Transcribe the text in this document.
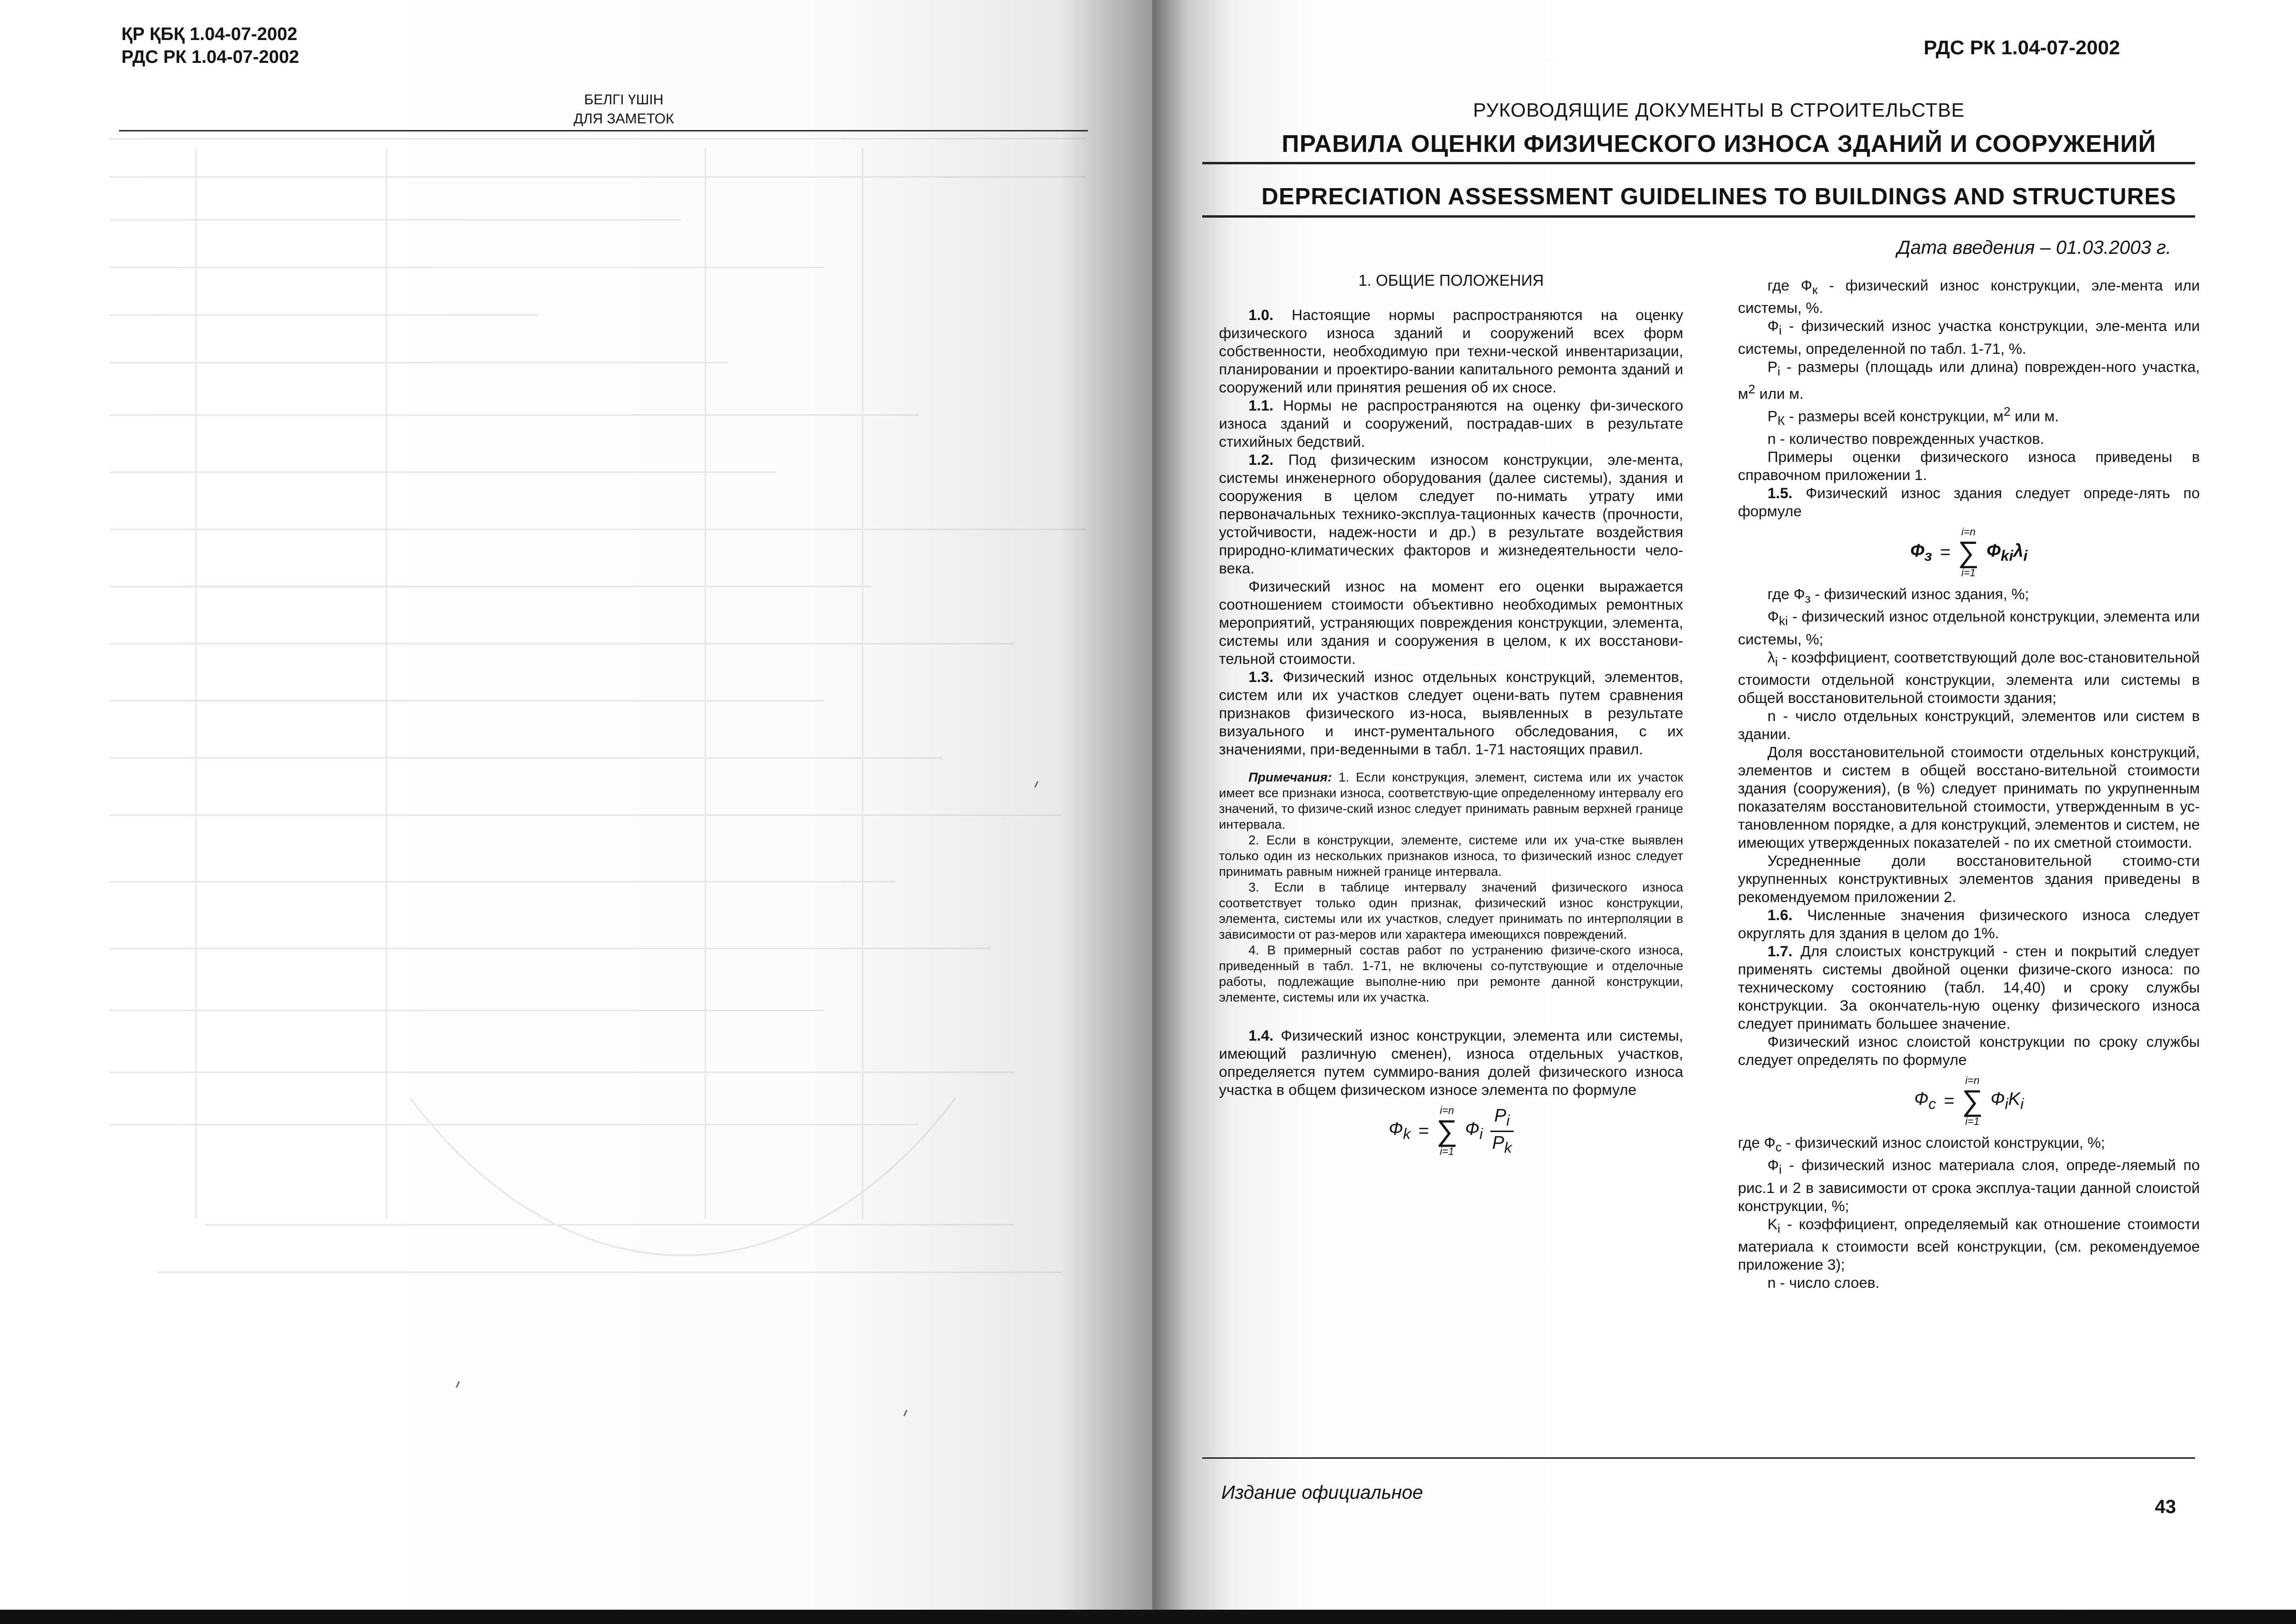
ҚР ҚБҚ 1.04-07-2002
РДС РК 1.04-07-2002
БЕЛГІ ҮШІН
ДЛЯ ЗАМЕТОК
РДС РК 1.04-07-2002
РУКОВОДЯЩИЕ ДОКУМЕНТЫ В СТРОИТЕЛЬСТВЕ
ПРАВИЛА ОЦЕНКИ ФИЗИЧЕСКОГО ИЗНОСА ЗДАНИЙ И СООРУЖЕНИЙ
DEPRECIATION ASSESSMENT GUIDELINES TO BUILDINGS AND STRUCTURES
Дата введения – 01.03.2003 г.

1. ОБЩИЕ ПОЛОЖЕНИЯ

1.0. Настоящие нормы распространяются на оценку физического износа зданий и сооружений всех форм собственности, необходимую при техни-ческой инвентаризации, планировании и проектиро-вании капитального ремонта зданий и сооружений или принятия решения об их сносе.

1.1. Нормы не распространяются на оценку фи-зического износа зданий и сооружений, пострадав-ших в результате стихийных бедствий.

1.2. Под физическим износом конструкции, эле-мента, системы инженерного оборудования (далее системы), здания и сооружения в целом следует по-нимать утрату ими первоначальных технико-эксплуа-тационных качеств (прочности, устойчивости, надеж-ности и др.) в результате воздействия природно-климатических факторов и жизнедеятельности чело-века.

Физический износ на момент его оценки выражается соотношением стоимости объективно необходимых ремонтных мероприятий, устраняющих повреждения конструкции, элемента, системы или здания и сооружения в целом, к их восстанови-тельной стоимости.

1.3. Физический износ отдельных конструкций, элементов, систем или их участков следует оцени-вать путем сравнения признаков физического из-носа, выявленных в результате визуального и инст-рументального обследования, с их значениями, при-веденными в табл. 1-71 настоящих правил.

Примечания: 1. Если конструкция, элемент, система или их участок имеет все признаки износа, соответствую-щие определенному интервалу его значений, то физиче-ский износ следует принимать равным верхней границе интервала.

2. Если в конструкции, элементе, системе или их уча-стке выявлен только один из нескольких признаков износа, то физический износ следует принимать равным нижней границе интервала.

3. Если в таблице интервалу значений физического износа соответствует только один признак, физический износ конструкции, элемента, системы или их участков, следует принимать по интерполяции в зависимости от раз-меров или характера имеющихся повреждений.

4. В примерный состав работ по устранению физиче-ского износа, приведенный в табл. 1-71, не включены со-путствующие и отделочные работы, подлежащие выполне-нию при ремонте данной конструкции, элементе, системы или их участка.

1.4. Физический износ конструкции, элемента или системы, имеющий различную сменен), износа отдельных участков, определяется путем суммиро-вания долей физического износа участка в общем физическом износе элемента по формуле

$Ф_k$ =
i=n
∑
i=1
$Ф_i \frac{P_i}{P_k}$

где $Ф_к$ - физический износ конструкции, эле-мента или системы, %.

$Ф_i$ - физический износ участка конструкции, эле-мента или системы, определенной по табл. 1-71, %.

$P_i$ - размеры (площадь или длина) поврежден-ного участка, $м^2$ или м.

$P_К$ - размеры всей конструкции, $м^2$ или м.

n - количество поврежденных участков.

Примеры оценки физического износа приведены в справочном приложении 1.

1.5. Физический износ здания следует опреде-лять по формуле

$Ф_з$ =
i=n
∑
i=1
$Ф_{ki}\lambda_i$

где $Ф_з$ - физический износ здания, %;

$Ф_{ki}$ - физический износ отдельной конструкции, элемента или системы, %;

$\lambda_i$ - коэффициент, соответствующий доле вос-становительной стоимости отдельной конструкции, элемента или системы в общей восстановительной стоимости здания;

n - число отдельных конструкций, элементов или систем в здании.

Доля восстановительной стоимости отдельных конструкций, элементов и систем в общей восстано-вительной стоимости здания (сооружения), (в %) следует принимать по укрупненным показателям восстановительной стоимости, утвержденным в ус-тановленном порядке, а для конструкций, элементов и систем, не имеющих утвержденных показателей - по их сметной стоимости.

Усредненные доли восстановительной стоимо-сти укрупненных конструктивных элементов здания приведены в рекомендуемом приложении 2.

1.6. Численные значения физического износа следует округлять для здания в целом до 1%.

1.7. Для слоистых конструкций - стен и покрытий следует применять системы двойной оценки физиче-ского износа: по техническому состоянию (табл. 14,40) и сроку службы конструкции. За окончатель-ную оценку физического износа следует принимать большее значение.

Физический износ слоистой конструкции по сроку службы следует определять по формуле

$Ф_c$ =
i=n
∑
i=1
$Ф_iK_i$

где $Ф_с$ - физический износ слоистой конструкции, %;

$Ф_i$ - физический износ материала слоя, опреде-ляемый по рис.1 и 2 в зависимости от срока эксплуа-тации данной слоистой конструкции, %;

$K_i$ - коэффициент, определяемый как отношение стоимости материала к стоимости всей конструкции, (см. рекомендуемое приложение 3);

n - число слоев.

Издание официальное
43
